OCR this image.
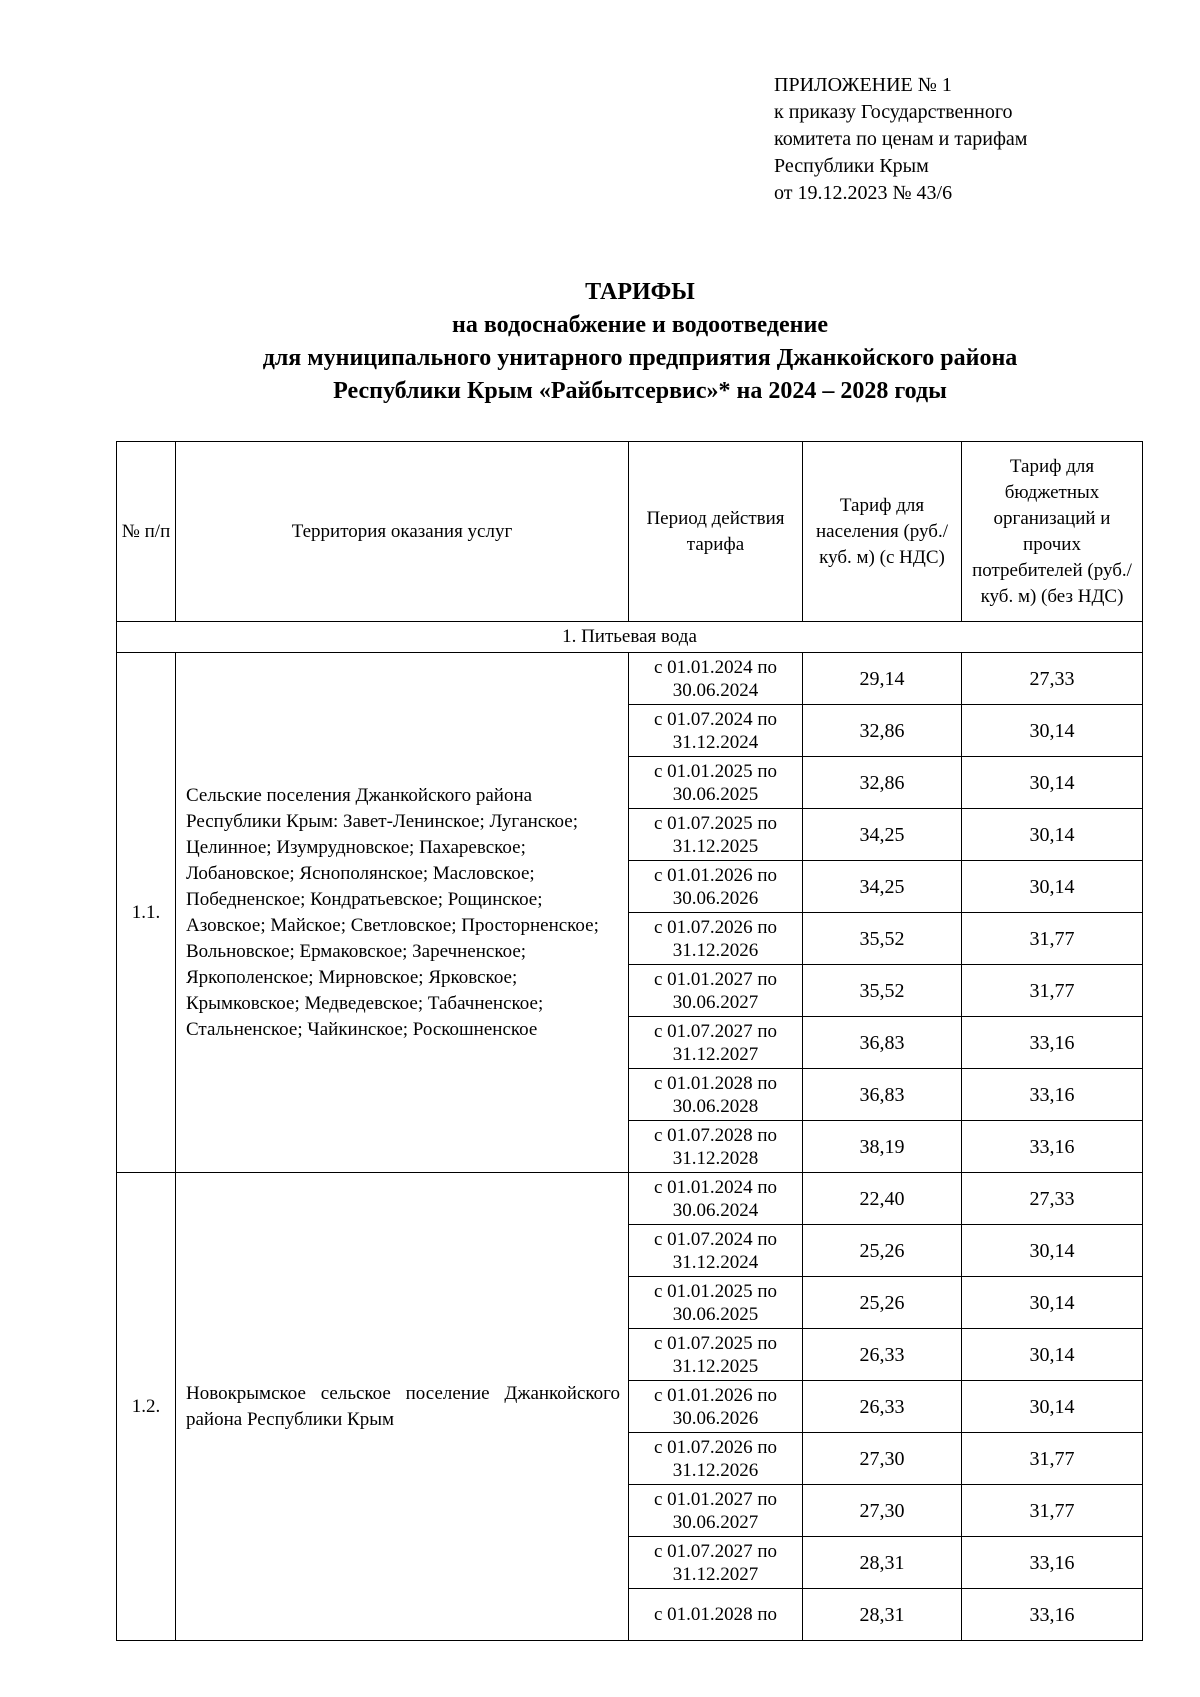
ПРИЛОЖЕНИЕ № 1
к приказу Государственного
комитета по ценам и тарифам
Республики Крым
от 19.12.2023 № 43/6
ТАРИФЫ
на водоснабжение и водоотведение
для муниципального унитарного предприятия Джанкойского района
Республики Крым «Райбытсервис»* на 2024 – 2028 годы
№ п/п	Территория оказания услуг	Период действия тарифа	Тариф для населения (руб./куб. м) (с НДС)	Тариф для бюджетных организаций и прочих потребителей (руб./куб. м) (без НДС)
1. Питьевая вода				
1.1.	Сельские поселения Джанкойского района Республики Крым: Завет-Ленинское; Луганское; Целинное; Изумрудновское; Пахаревское; Лобановское; Яснополянское; Масловское; Победненское; Кондратьевское; Рощинское; Азовское; Майское; Светловское; Просторненское; Вольновское; Ермаковское; Заречненское; Яркополенское; Мирновское; Ярковское; Крымковское; Медведевское; Табачненское; Стальненское; Чайкинское; Роскошненское	с 01.01.2024 по 30.06.2024	29,14	27,33
		с 01.07.2024 по 31.12.2024	32,86	30,14
		с 01.01.2025 по 30.06.2025	32,86	30,14
		с 01.07.2025 по 31.12.2025	34,25	30,14
		с 01.01.2026 по 30.06.2026	34,25	30,14
		с 01.07.2026 по 31.12.2026	35,52	31,77
		с 01.01.2027 по 30.06.2027	35,52	31,77
		с 01.07.2027 по 31.12.2027	36,83	33,16
		с 01.01.2028 по 30.06.2028	36,83	33,16
		с 01.07.2028 по 31.12.2028	38,19	33,16
1.2.	Новокрымское сельское поселение Джанкойского района Республики Крым	с 01.01.2024 по 30.06.2024	22,40	27,33
		с 01.07.2024 по 31.12.2024	25,26	30,14
		с 01.01.2025 по 30.06.2025	25,26	30,14
		с 01.07.2025 по 31.12.2025	26,33	30,14
		с 01.01.2026 по 30.06.2026	26,33	30,14
		с 01.07.2026 по 31.12.2026	27,30	31,77
		с 01.01.2027 по 30.06.2027	27,30	31,77
		с 01.07.2027 по 31.12.2027	28,31	33,16
		с 01.01.2028 по	28,31	33,16
